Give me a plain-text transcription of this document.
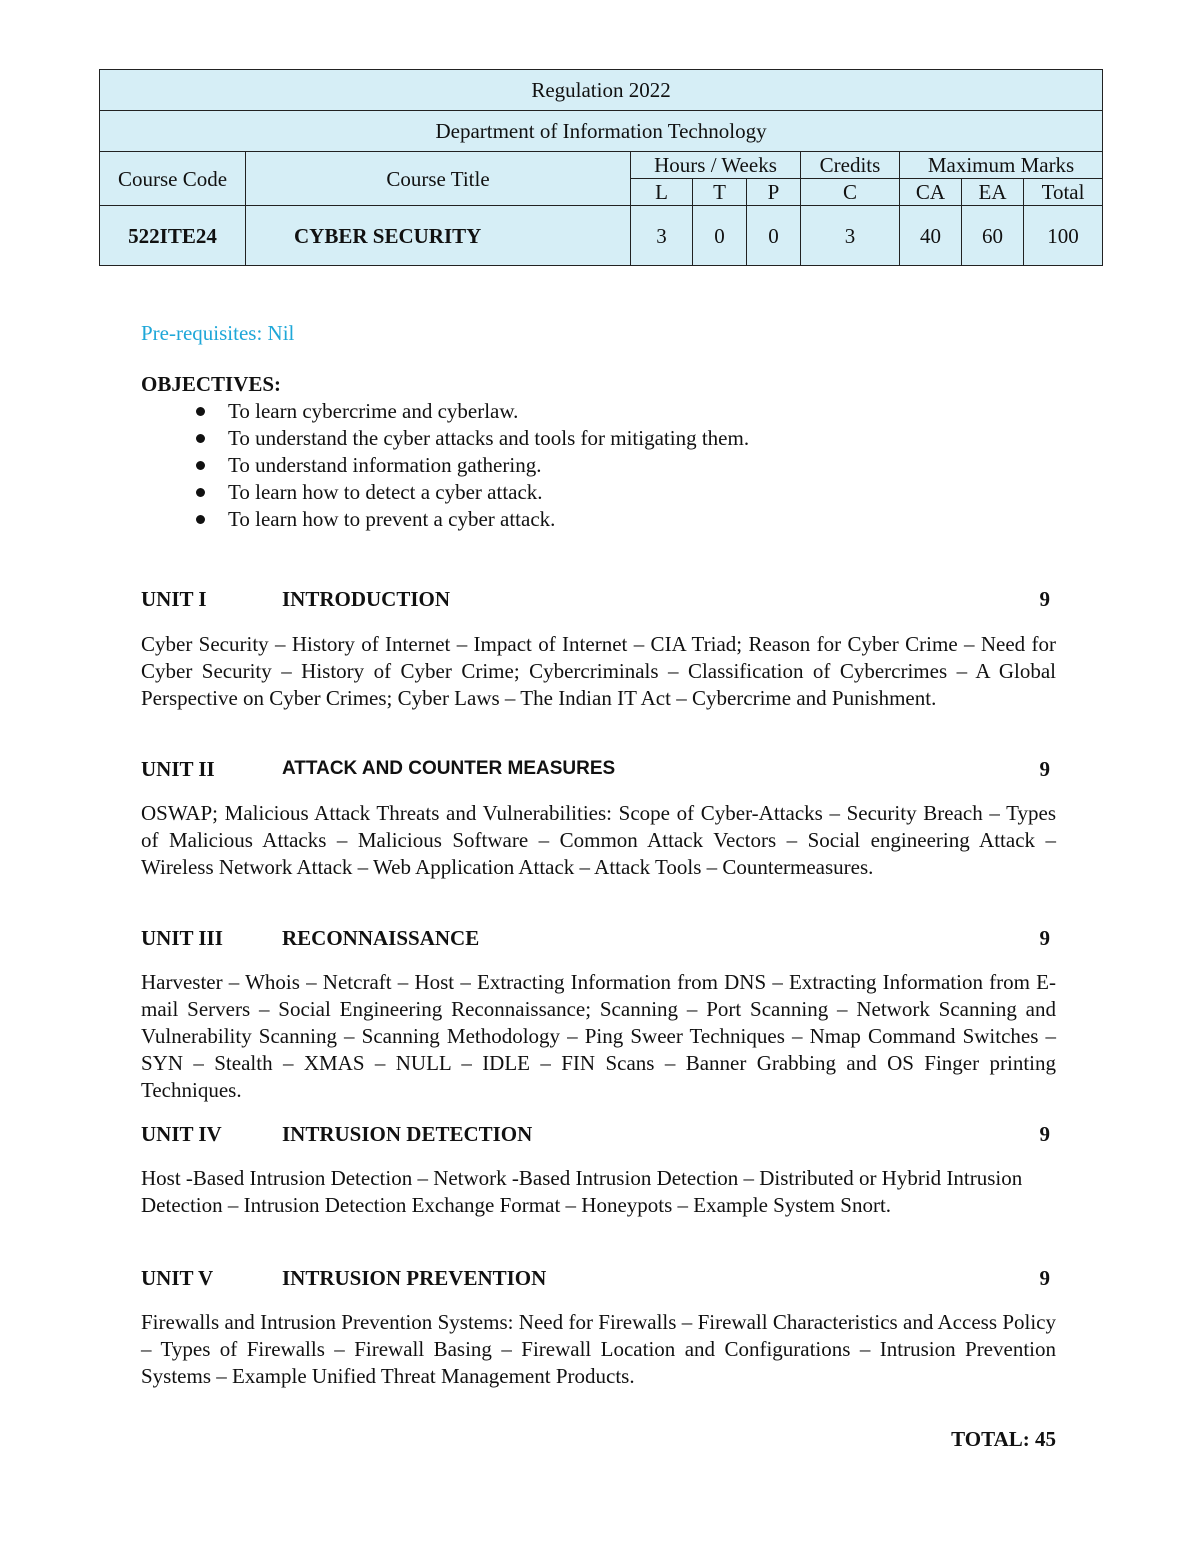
Regulation 2022								
Department of Information Technology								
Course Code	Course Title	Hours / Weeks			Credits	Maximum Marks		
		L	T	P	C	CA	EA	Total
522ITE24	CYBER SECURITY	3	0	0	3	40	60	100
Pre-requisites: Nil
OBJECTIVES:
To learn cybercrime and cyberlaw.
To understand the cyber attacks and tools for mitigating them.
To understand information gathering.
To learn how to detect a cyber attack.
To learn how to prevent a cyber attack.
UNIT I	INTRODUCTION	9
Cyber Security – History of Internet – Impact of Internet – CIA Triad; Reason for Cyber Crime – Need for Cyber Security – History of Cyber Crime; Cybercriminals – Classification of Cybercrimes – A Global Perspective on Cyber Crimes; Cyber Laws – The Indian IT Act – Cybercrime and Punishment.
UNIT II	ATTACK AND COUNTER MEASURES	9
OSWAP; Malicious Attack Threats and Vulnerabilities: Scope of Cyber-Attacks – Security Breach – Types of Malicious Attacks – Malicious Software – Common Attack Vectors – Social engineering Attack – Wireless Network Attack – Web Application Attack – Attack Tools – Countermeasures.
UNIT III	RECONNAISSANCE	9
Harvester – Whois – Netcraft – Host – Extracting Information from DNS – Extracting Information from E-mail Servers – Social Engineering Reconnaissance; Scanning – Port Scanning – Network Scanning and Vulnerability Scanning – Scanning Methodology – Ping Sweer Techniques – Nmap Command Switches – SYN – Stealth – XMAS – NULL – IDLE – FIN Scans – Banner Grabbing and OS Finger printing Techniques.
UNIT IV	INTRUSION DETECTION	9
Host -Based Intrusion Detection – Network -Based Intrusion Detection – Distributed or Hybrid Intrusion Detection – Intrusion Detection Exchange Format – Honeypots – Example System Snort.
UNIT V	INTRUSION PREVENTION	9
Firewalls and Intrusion Prevention Systems: Need for Firewalls – Firewall Characteristics and Access Policy – Types of Firewalls – Firewall Basing – Firewall Location and Configurations – Intrusion Prevention Systems – Example Unified Threat Management Products.
TOTAL: 45
